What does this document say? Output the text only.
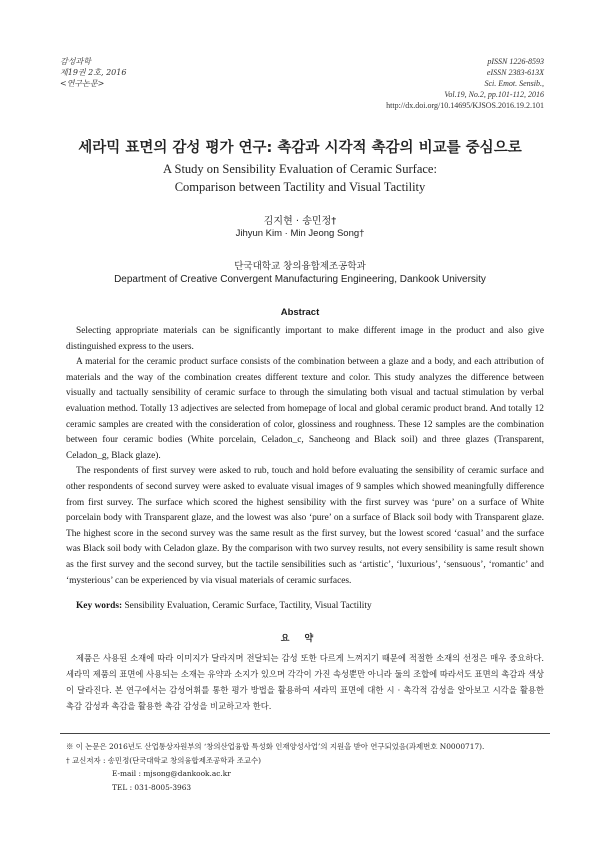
감성과학
제19권 2호, 2016
<연구논문>
pISSN 1226-8593
eISSN 2383-613X
Sci. Emot. Sensib.,
Vol.19, No.2, pp.101-112, 2016
http://dx.doi.org/10.14695/KJSOS.2016.19.2.101
세라믹 표면의 감성 평가 연구: 촉감과 시각적 촉감의 비교를 중심으로
A Study on Sensibility Evaluation of Ceramic Surface:
Comparison between Tactility and Visual Tactility
김지현 · 송민정†
Jihyun Kim · Min Jeong Song†
단국대학교 창의융합제조공학과
Department of Creative Convergent Manufacturing Engineering, Dankook University
Abstract

Selecting appropriate materials can be significantly important to make different image in the product and also give distinguished express to the users.

A material for the ceramic product surface consists of the combination between a glaze and a body, and each attribution of materials and the way of the combination creates different texture and color. This study analyzes the difference between visually and tactually sensibility of ceramic surface to through the simulating both visual and tactual stimulation by verbal evaluation method. Totally 13 adjectives are selected from homepage of local and global ceramic product brand. And totally 12 ceramic samples are created with the consideration of color, glossiness and roughness. These 12 samples are the combination between four ceramic bodies (White porcelain, Celadon_c, Sancheong and Black soil) and three glazes (Transparent, Celadon_g, Black glaze).

The respondents of first survey were asked to rub, touch and hold before evaluating the sensibility of ceramic surface and other respondents of second survey were asked to evaluate visual images of 9 samples which showed meaningfully difference from first survey. The surface which scored the highest sensibility with the first survey was ‘pure’ on a surface of White porcelain body with Transparent glaze, and the lowest was also ‘pure’ on a surface of Black soil body with Transparent glaze. The highest score in the second survey was the same result as the first survey, but the lowest scored ‘casual’ and the surface was Black soil body with Celadon glaze. By the comparison with two survey results, not every sensibility is same result shown as the first survey and the second survey, but the tactile sensibilities such as ‘artistic’, ‘luxurious’, ‘sensuous’, ‘romantic’ and ‘mysterious’ can be experienced by via visual materials of ceramic surfaces.

Key words: Sensibility Evaluation, Ceramic Surface, Tactility, Visual Tactility
요 약

제품은 사용된 소재에 따라 이미지가 달라지며 전달되는 감성 또한 다르게 느껴지기 때문에 적절한 소재의 선정은 매우 중요하다. 세라믹 제품의 표면에 사용되는 소재는 유약과 소지가 있으며 각각이 가진 속성뿐만 아니라 둘의 조합에 따라서도 표면의 촉감과 색상이 달라진다. 본 연구에서는 감성어휘를 통한 평가 방법을 활용하여 세라믹 표면에 대한 시 · 촉각적 감성을 알아보고 시각을 활용한 촉감 감성과 촉감을 활용한 촉감 감성을 비교하고자 한다.

※ 이 논문은 2016년도 산업통상자원부의 ‘창의산업융합 특성화 인재양성사업’의 지원을 받아 연구되었음(과제번호 N0000717).
† 교신저자 : 송민정(단국대학교 창의융합제조공학과 조교수)
E-mail : mjsong@dankook.ac.kr
TEL : 031-8005-3963
